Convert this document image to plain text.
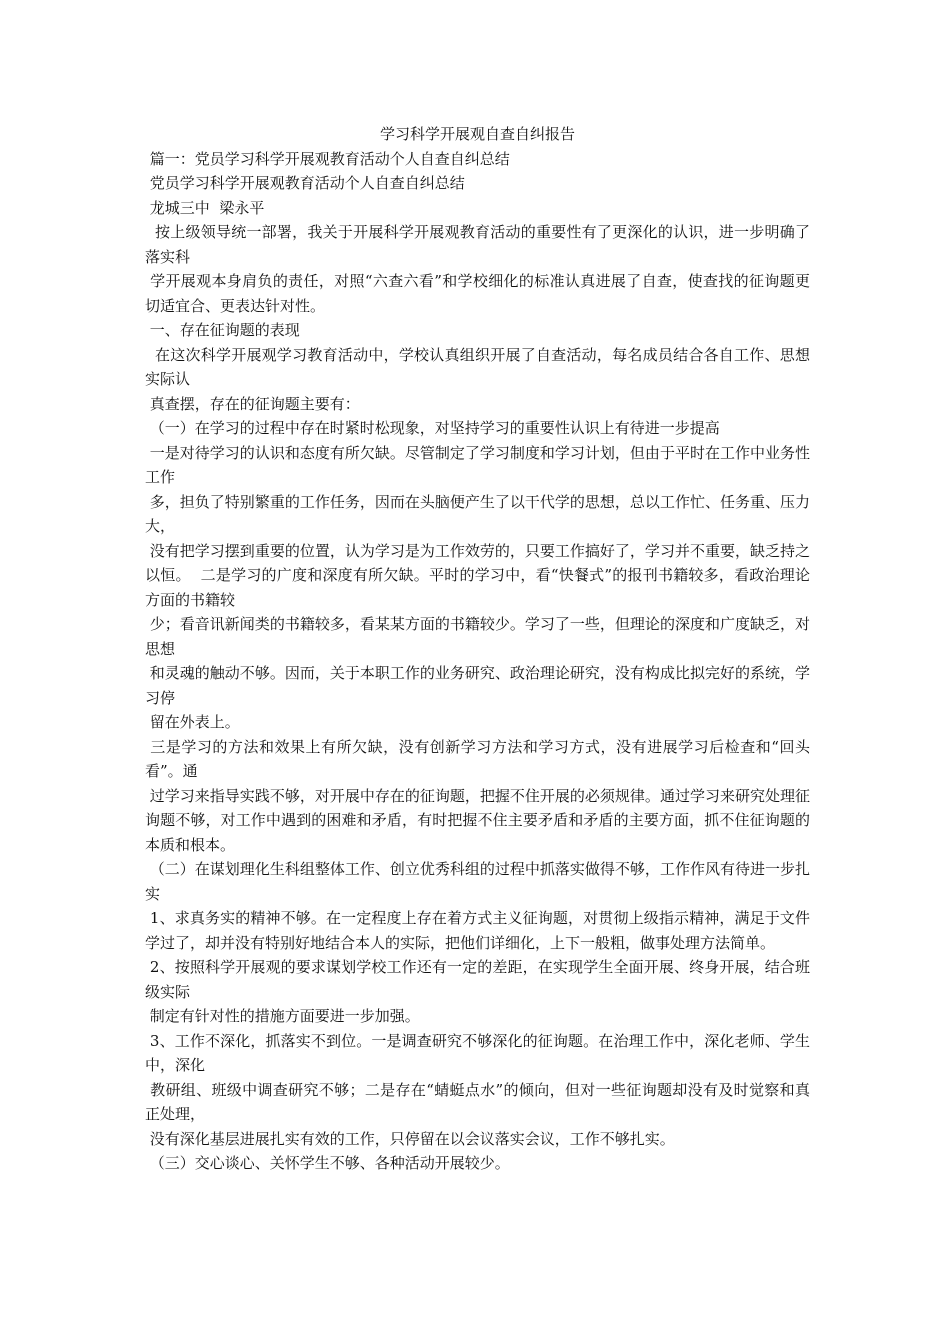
学习科学开展观自查自纠报告

篇一：党员学习科学开展观教育活动个人自查自纠总结

党员学习科学开展观教育活动个人自查自纠总结

龙城三中  梁永平

按上级领导统一部署，我关于开展科学开展观教育活动的重要性有了更深化的认识，进一步明确了落实科

学开展观本身肩负的责任，对照“六查六看”和学校细化的标准认真进展了自查，使查找的征询题更切适宜合、更表达针对性。

一、存在征询题的表现

在这次科学开展观学习教育活动中，学校认真组织开展了自查活动，每名成员结合各自工作、思想实际认

真查摆，存在的征询题主要有：

（一）在学习的过程中存在时紧时松现象，对坚持学习的重要性认识上有待进一步提高

一是对待学习的认识和态度有所欠缺。尽管制定了学习制度和学习计划，但由于平时在工作中业务性工作

多，担负了特别繁重的工作任务，因而在头脑便产生了以干代学的思想，总以工作忙、任务重、压力大，

没有把学习摆到重要的位置，认为学习是为工作效劳的，只要工作搞好了，学习并不重要，缺乏持之以恒。  二是学习的广度和深度有所欠缺。平时的学习中，看“快餐式”的报刊书籍较多，看政治理论方面的书籍较

少；看音讯新闻类的书籍较多，看某某方面的书籍较少。学习了一些，但理论的深度和广度缺乏，对思想

和灵魂的触动不够。因而，关于本职工作的业务研究、政治理论研究，没有构成比拟完好的系统，学习停

留在外表上。

三是学习的方法和效果上有所欠缺，没有创新学习方法和学习方式，没有进展学习后检查和“回头看”。通

过学习来指导实践不够，对开展中存在的征询题，把握不住开展的必须规律。通过学习来研究处理征询题不够，对工作中遇到的困难和矛盾，有时把握不住主要矛盾和矛盾的主要方面，抓不住征询题的本质和根本。

（二）在谋划理化生科组整体工作、创立优秀科组的过程中抓落实做得不够，工作作风有待进一步扎实

1、求真务实的精神不够。在一定程度上存在着方式主义征询题，对贯彻上级指示精神，满足于文件学过了，却并没有特别好地结合本人的实际，把他们详细化，上下一般粗，做事处理方法简单。

2、按照科学开展观的要求谋划学校工作还有一定的差距，在实现学生全面开展、终身开展，结合班级实际

制定有针对性的措施方面要进一步加强。

3、工作不深化，抓落实不到位。一是调查研究不够深化的征询题。在治理工作中，深化老师、学生中，深化

教研组、班级中调查研究不够；二是存在“蜻蜓点水”的倾向，但对一些征询题却没有及时觉察和真正处理，

没有深化基层进展扎实有效的工作，只停留在以会议落实会议，工作不够扎实。

（三）交心谈心、关怀学生不够、各种活动开展较少。
